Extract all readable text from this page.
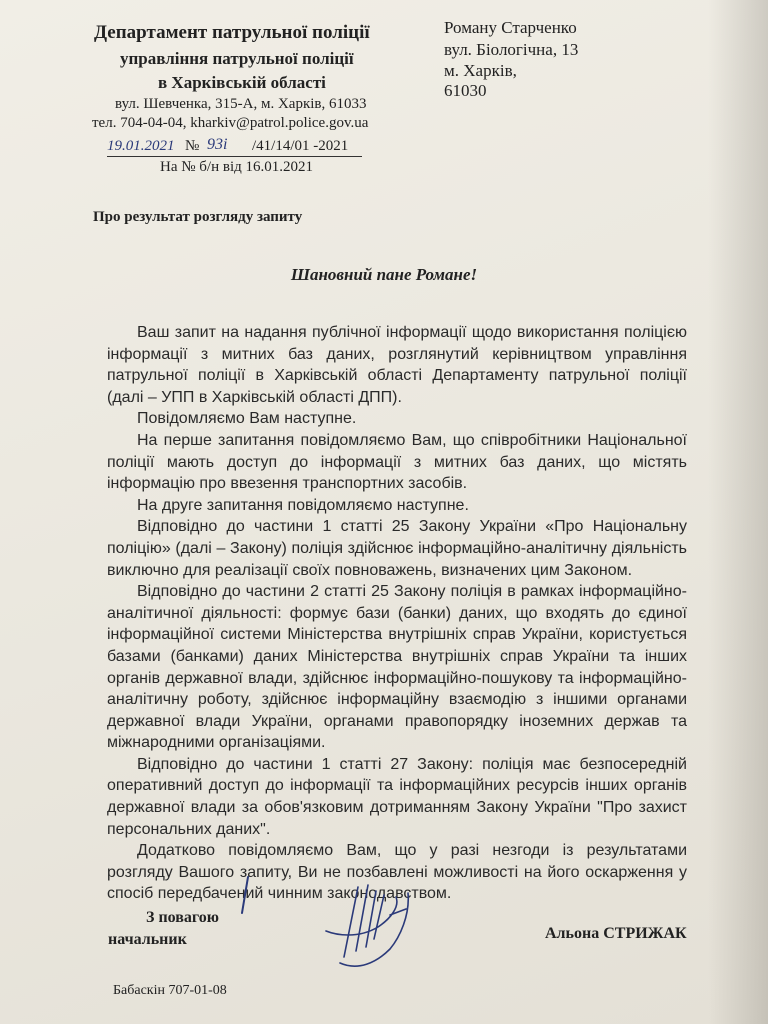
Департамент патрульної поліції
управління патрульної поліції
в Харківській області
вул. Шевченка, 315-А, м. Харків, 61033
тел. 704-04-04, kharkiv@patrol.police.gov.ua
19.01.2021 № 93і /41/14/01 -2021
На № б/н від 16.01.2021
Роману Старченко
вул. Біологічна, 13
м. Харків,
61030
Про результат розгляду запиту
Шановний пане Романе!

Ваш запит на надання публічної інформації щодо використання поліцією інформації з митних баз даних, розглянутий керівництвом управління патрульної поліції в Харківській області Департаменту патрульної поліції (далі – УПП в Харківській області ДПП).

Повідомляємо Вам наступне.

На перше запитання повідомляємо Вам, що співробітники Національної поліції мають доступ до інформації з митних баз даних, що містять інформацію про ввезення транспортних засобів.

На друге запитання повідомляємо наступне.

Відповідно до частини 1 статті 25 Закону України «Про Національну поліцію» (далі – Закону) поліція здійснює інформаційно-аналітичну діяльність виключно для реалізації своїх повноважень, визначених цим Законом.

Відповідно до частини 2 статті 25 Закону поліція в рамках інформаційно-аналітичної діяльності: формує бази (банки) даних, що входять до єдиної інформаційної системи Міністерства внутрішніх справ України, користується базами (банками) даних Міністерства внутрішніх справ України та інших органів державної влади, здійснює інформаційно-пошукову та інформаційно-аналітичну роботу, здійснює інформаційну взаємодію з іншими органами державної влади України, органами правопорядку іноземних держав та міжнародними організаціями.

Відповідно до частини 1 статті 27 Закону: поліція має безпосередній оперативний доступ до інформації та інформаційних ресурсів інших органів державної влади за обов'язковим дотриманням Закону України "Про захист персональних даних".

Додатково повідомляємо Вам, що у разі незгоди із результатами розгляду Вашого запиту, Ви не позбавлені можливості на його оскарження у спосіб передбачений чинним законодавством.

З повагою
начальник	Альона СТРИЖАК
Бабаскін 707-01-08
